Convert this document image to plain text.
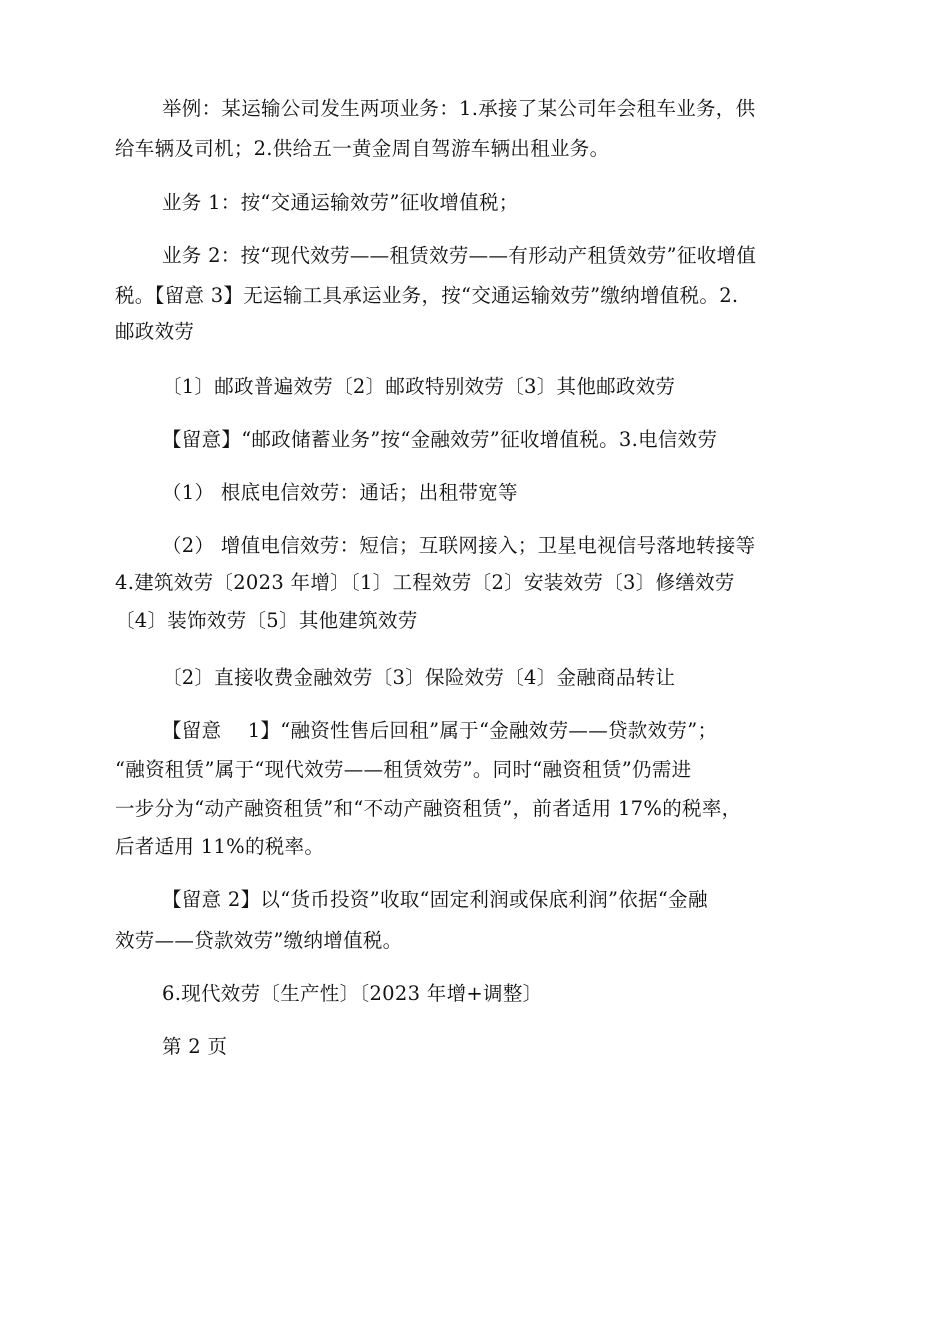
举例：某运输公司发生两项业务：1.承接了某公司年会租车业务，供
给车辆及司机；2.供给五一黄金周自驾游车辆出租业务。
业务 1：按“交通运输效劳”征收增值税；
业务 2：按“现代效劳——租赁效劳——有形动产租赁效劳”征收增值
税。【留意 3】无运输工具承运业务，按“交通运输效劳”缴纳增值税。2.
邮政效劳
〔1〕邮政普遍效劳〔2〕邮政特别效劳〔3〕其他邮政效劳
【留意】“邮政储蓄业务”按“金融效劳”征收增值税。3.电信效劳
（1） 根底电信效劳：通话；出租带宽等
（2） 增值电信效劳：短信；互联网接入；卫星电视信号落地转接等
4.建筑效劳〔2023 年增〕〔1〕工程效劳〔2〕安装效劳〔3〕修缮效劳
〔4〕装饰效劳〔5〕其他建筑效劳
〔2〕直接收费金融效劳〔3〕保险效劳〔4〕金融商品转让
【留意　 1】“融资性售后回租”属于“金融效劳——贷款效劳”；
“融资租赁”属于“现代效劳——租赁效劳”。同时“融资租赁”仍需进
一步分为“动产融资租赁”和“不动产融资租赁”，前者适用 17%的税率，
后者适用 11%的税率。
【留意 2】以“货币投资”收取“固定利润或保底利润”依据“金融
效劳——贷款效劳”缴纳增值税。
6.现代效劳〔生产性〕〔2023 年增+调整〕
第 2 页
